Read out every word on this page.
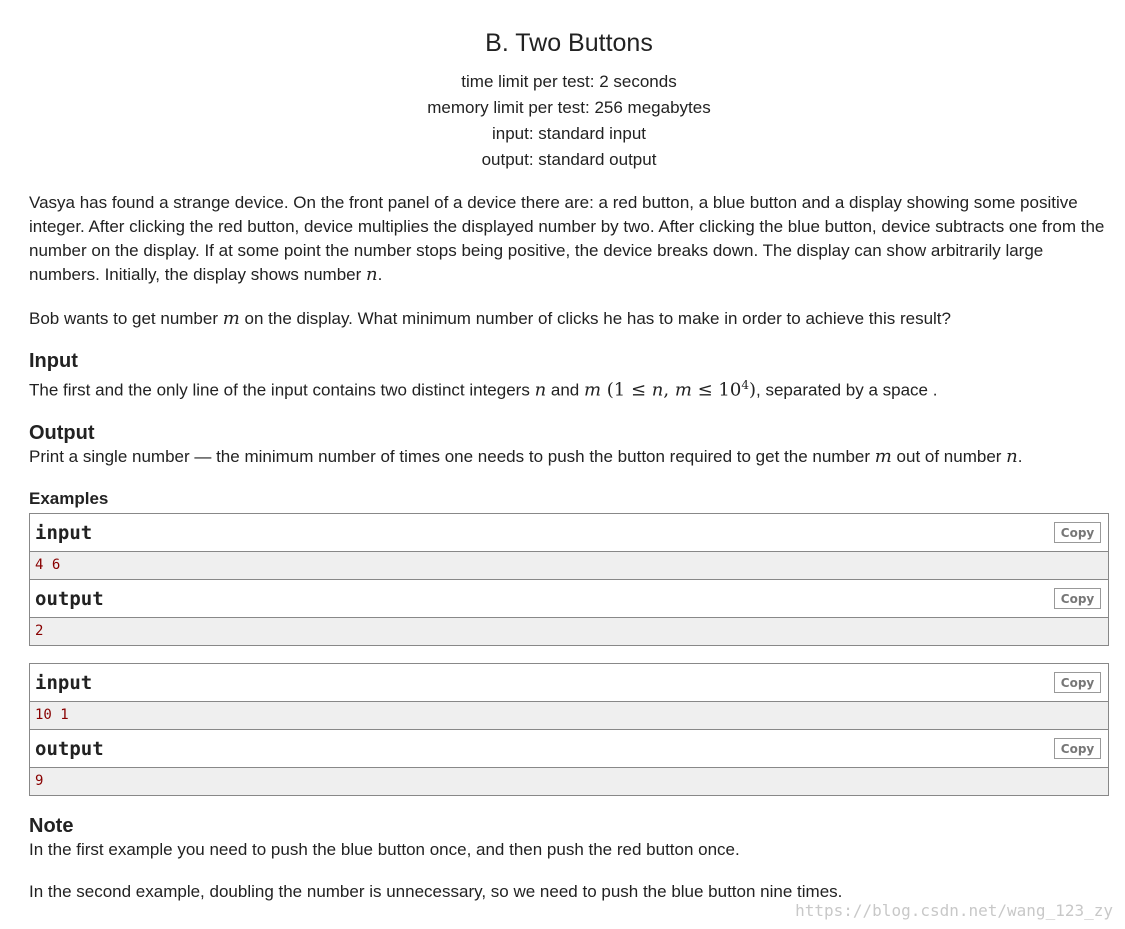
B. Two Buttons
time limit per test: 2 seconds
memory limit per test: 256 megabytes
input: standard input
output: standard output

Vasya has found a strange device. On the front panel of a device there are: a red button, a blue button and a display showing some positive integer. After clicking the red button, device multiplies the displayed number by two. After clicking the blue button, device subtracts one from the number on the display. If at some point the number stops being positive, the device breaks down. The display can show arbitrarily large numbers. Initially, the display shows number n.

Bob wants to get number m on the display. What minimum number of clicks he has to make in order to achieve this result?

Input
The first and the only line of the input contains two distinct integers n and m (1 ≤ n, $m \le 10^4$), separated by a space .
Output
Print a single number — the minimum number of times one needs to push the button required to get the number m out of number n.
Examples
input	Copy
4 6
output	Copy
2
input	Copy
10 1
output	Copy
9
Note

In the first example you need to push the blue button once, and then push the red button once.

In the second example, doubling the number is unnecessary, so we need to push the blue button nine times.

https://blog.csdn.net/wang_123_zy
